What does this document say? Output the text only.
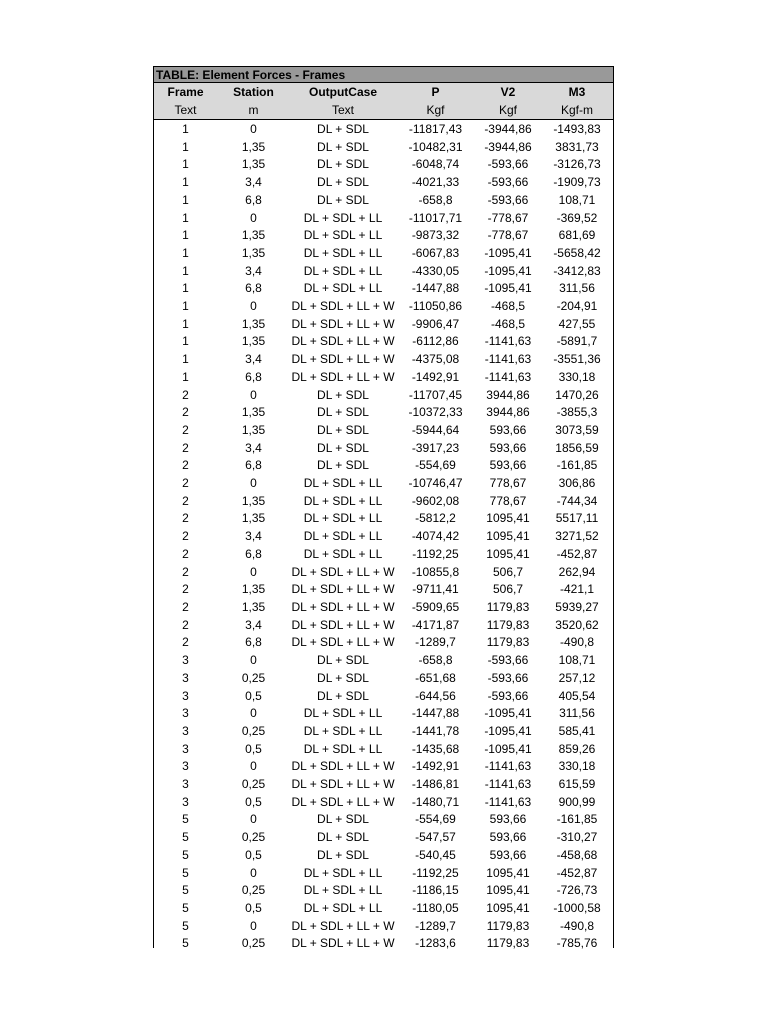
TABLE: Element Forces - Frames
Frame	Station	OutputCase	P	V2	M3
Text	m	Text	Kgf	Kgf	Kgf-m
1	0	DL + SDL	-11817,43	-3944,86	-1493,83
1	1,35	DL + SDL	-10482,31	-3944,86	3831,73
1	1,35	DL + SDL	-6048,74	-593,66	-3126,73
1	3,4	DL + SDL	-4021,33	-593,66	-1909,73
1	6,8	DL + SDL	-658,8	-593,66	108,71
1	0	DL + SDL + LL	-11017,71	-778,67	-369,52
1	1,35	DL + SDL + LL	-9873,32	-778,67	681,69
1	1,35	DL + SDL + LL	-6067,83	-1095,41	-5658,42
1	3,4	DL + SDL + LL	-4330,05	-1095,41	-3412,83
1	6,8	DL + SDL + LL	-1447,88	-1095,41	311,56
1	0	DL + SDL + LL + W	-11050,86	-468,5	-204,91
1	1,35	DL + SDL + LL + W	-9906,47	-468,5	427,55
1	1,35	DL + SDL + LL + W	-6112,86	-1141,63	-5891,7
1	3,4	DL + SDL + LL + W	-4375,08	-1141,63	-3551,36
1	6,8	DL + SDL + LL + W	-1492,91	-1141,63	330,18
2	0	DL + SDL	-11707,45	3944,86	1470,26
2	1,35	DL + SDL	-10372,33	3944,86	-3855,3
2	1,35	DL + SDL	-5944,64	593,66	3073,59
2	3,4	DL + SDL	-3917,23	593,66	1856,59
2	6,8	DL + SDL	-554,69	593,66	-161,85
2	0	DL + SDL + LL	-10746,47	778,67	306,86
2	1,35	DL + SDL + LL	-9602,08	778,67	-744,34
2	1,35	DL + SDL + LL	-5812,2	1095,41	5517,11
2	3,4	DL + SDL + LL	-4074,42	1095,41	3271,52
2	6,8	DL + SDL + LL	-1192,25	1095,41	-452,87
2	0	DL + SDL + LL + W	-10855,8	506,7	262,94
2	1,35	DL + SDL + LL + W	-9711,41	506,7	-421,1
2	1,35	DL + SDL + LL + W	-5909,65	1179,83	5939,27
2	3,4	DL + SDL + LL + W	-4171,87	1179,83	3520,62
2	6,8	DL + SDL + LL + W	-1289,7	1179,83	-490,8
3	0	DL + SDL	-658,8	-593,66	108,71
3	0,25	DL + SDL	-651,68	-593,66	257,12
3	0,5	DL + SDL	-644,56	-593,66	405,54
3	0	DL + SDL + LL	-1447,88	-1095,41	311,56
3	0,25	DL + SDL + LL	-1441,78	-1095,41	585,41
3	0,5	DL + SDL + LL	-1435,68	-1095,41	859,26
3	0	DL + SDL + LL + W	-1492,91	-1141,63	330,18
3	0,25	DL + SDL + LL + W	-1486,81	-1141,63	615,59
3	0,5	DL + SDL + LL + W	-1480,71	-1141,63	900,99
5	0	DL + SDL	-554,69	593,66	-161,85
5	0,25	DL + SDL	-547,57	593,66	-310,27
5	0,5	DL + SDL	-540,45	593,66	-458,68
5	0	DL + SDL + LL	-1192,25	1095,41	-452,87
5	0,25	DL + SDL + LL	-1186,15	1095,41	-726,73
5	0,5	DL + SDL + LL	-1180,05	1095,41	-1000,58
5	0	DL + SDL + LL + W	-1289,7	1179,83	-490,8
5	0,25	DL + SDL + LL + W	-1283,6	1179,83	-785,76
